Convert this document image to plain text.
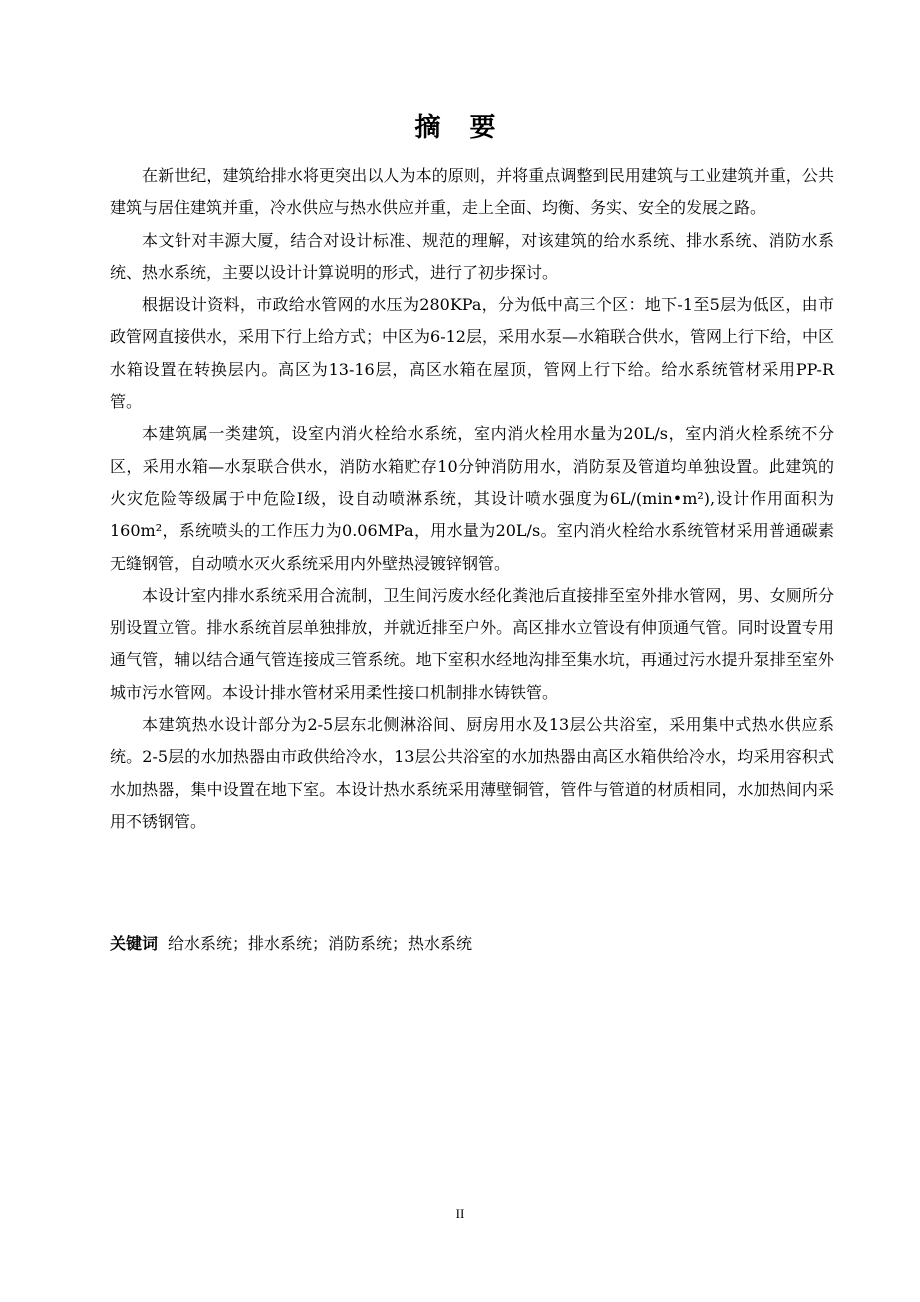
摘 要

在新世纪，建筑给排水将更突出以人为本的原则，并将重点调整到民用建筑与工业建筑并重，公共建筑与居住建筑并重，冷水供应与热水供应并重，走上全面、均衡、务实、安全的发展之路。

本文针对丰源大厦，结合对设计标准、规范的理解，对该建筑的给水系统、排水系统、消防水系统、热水系统，主要以设计计算说明的形式，进行了初步探讨。

根据设计资料，市政给水管网的水压为280KPa，分为低中高三个区：地下-1至5层为低区，由市政管网直接供水，采用下行上给方式；中区为6-12层，采用水泵—水箱联合供水，管网上行下给，中区水箱设置在转换层内。高区为13-16层，高区水箱在屋顶，管网上行下给。给水系统管材采用PP-R管。

本建筑属一类建筑，设室内消火栓给水系统，室内消火栓用水量为20L/s，室内消火栓系统不分区，采用水箱—水泵联合供水，消防水箱贮存10分钟消防用水，消防泵及管道均单独设置。此建筑的火灾危险等级属于中危险Ⅰ级，设自动喷淋系统，其设计喷水强度为6L/(min•m²),设计作用面积为160m²，系统喷头的工作压力为0.06MPa，用水量为20L/s。室内消火栓给水系统管材采用普通碳素无缝钢管，自动喷水灭火系统采用内外壁热浸镀锌钢管。

本设计室内排水系统采用合流制，卫生间污废水经化粪池后直接排至室外排水管网，男、女厕所分别设置立管。排水系统首层单独排放，并就近排至户外。高区排水立管设有伸顶通气管。同时设置专用通气管，辅以结合通气管连接成三管系统。地下室积水经地沟排至集水坑，再通过污水提升泵排至室外城市污水管网。本设计排水管材采用柔性接口机制排水铸铁管。

本建筑热水设计部分为2-5层东北侧淋浴间、厨房用水及13层公共浴室，采用集中式热水供应系统。2-5层的水加热器由市政供给冷水，13层公共浴室的水加热器由高区水箱供给冷水，均采用容积式水加热器，集中设置在地下室。本设计热水系统采用薄壁铜管，管件与管道的材质相同，水加热间内采用不锈钢管。

关键词 给水系统；排水系统；消防系统；热水系统
II
